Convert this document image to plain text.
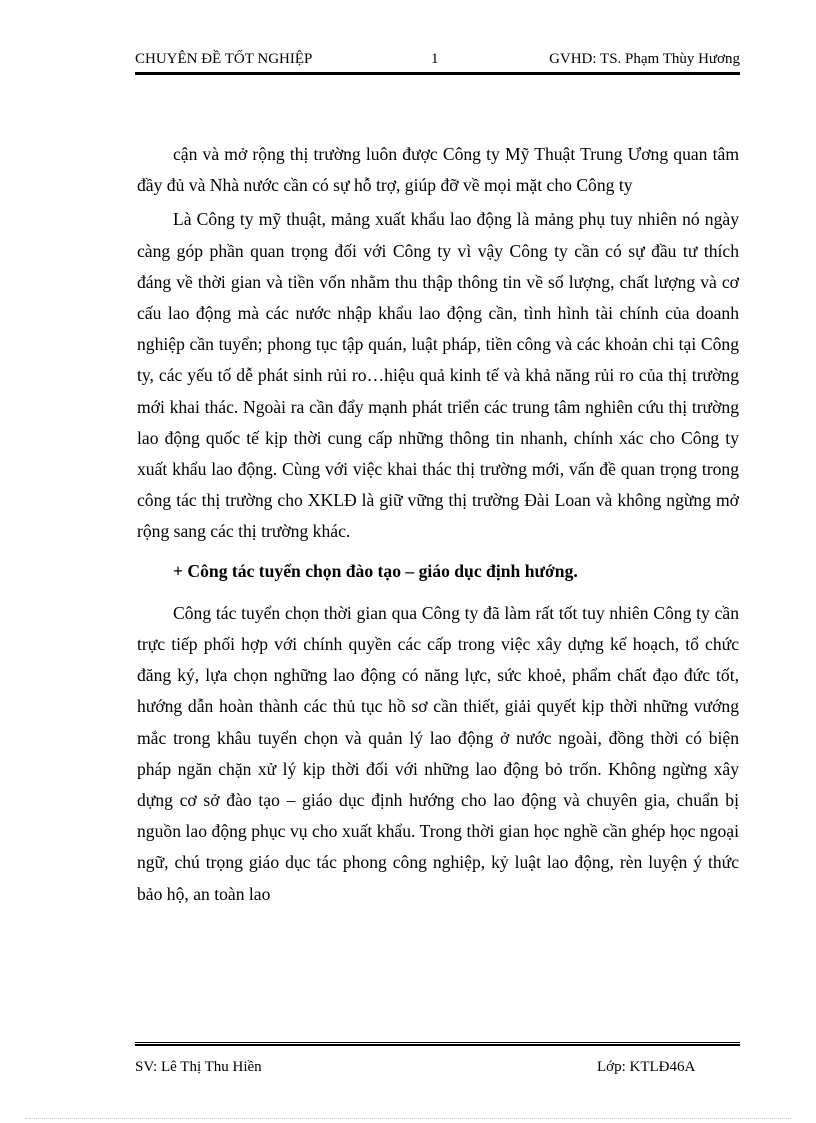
CHUYÊN ĐỀ TỐT NGHIỆP	1	GVHD: TS. Phạm Thùy Hương

cận và mở rộng thị trường luôn được Công ty Mỹ Thuật Trung Ương quan tâm đầy đủ và Nhà nước cần có sự hỗ trợ, giúp đỡ về mọi mặt cho Công ty

Là Công ty mỹ thuật, mảng xuất khẩu lao động là mảng phụ tuy nhiên nó ngày càng góp phần quan trọng đối với Công ty vì vậy Công ty cần có sự đầu tư thích đáng về thời gian và tiền vốn nhằm thu thập thông tin về số lượng, chất lượng và cơ cấu lao động mà các nước nhập khẩu lao động cần, tình hình tài chính của doanh nghiệp cần tuyển; phong tục tập quán, luật pháp, tiền công và các khoản chi tại Công ty, các yếu tố dễ phát sinh rủi ro…hiệu quả kinh tế và khả năng rủi ro của thị trường mới khai thác. Ngoài ra cần đẩy mạnh phát triển các trung tâm nghiên cứu thị trường lao động quốc tế kịp thời cung cấp những thông tin nhanh, chính xác cho Công ty xuất khẩu lao động. Cùng với việc khai thác thị trường mới, vấn đề quan trọng trong công tác thị trường cho XKLĐ là giữ vững thị trường Đài Loan và không ngừng mở rộng sang các thị trường khác.

+ Công tác tuyển chọn đào tạo – giáo dục định hướng.

Công tác tuyển chọn thời gian qua Công ty đã làm rất tốt tuy nhiên Công ty cần trực tiếp phối hợp với chính quyền các cấp trong việc xây dựng kế hoạch, tổ chức đăng ký, lựa chọn nghững lao động có năng lực, sức khoẻ, phẩm chất đạo đức tốt, hướng dẫn hoàn thành các thủ tục hồ sơ cần thiết, giải quyết kịp thời những vướng mắc trong khâu tuyển chọn và quản lý lao động ở nước ngoài, đồng thời có biện pháp ngăn chặn xử lý kịp thời đối với những lao động bỏ trốn. Không ngừng xây dựng cơ sở đào tạo – giáo dục định hướng cho lao động và chuyên gia, chuẩn bị nguồn lao động phục vụ cho xuất khẩu. Trong thời gian học nghề cần ghép học ngoại ngữ, chú trọng giáo dục tác phong công nghiệp, kỷ luật lao động, rèn luyện ý thức bảo hộ, an toàn lao

SV: Lê Thị Thu Hiền	Lớp: KTLĐ46A
